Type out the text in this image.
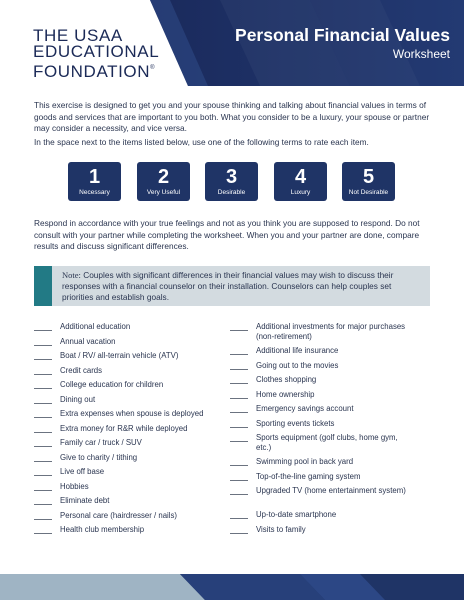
THE USAA
EDUCATIONAL
FOUNDATION®
Personal Financial Values
Worksheet
This exercise is designed to get you and your spouse thinking and talking about financial values in terms of goods and services that are important to you both. What you consider to be a luxury, your spouse or partner may consider a necessity, and vice versa.
In the space next to the items listed below, use one of the following terms to rate each item.
1
Necessary
2
Very Useful
3
Desirable
4
Luxury
5
Not Desirable
Respond in accordance with your true feelings and not as you think you are supposed to respond. Do not consult with your partner while completing the worksheet. When you and your partner are done, compare results and discuss significant differences.
Note: Couples with significant differences in their financial values may wish to discuss their responses with a financial counselor on their installation. Counselors can help couples set priorities and establish goals.
Additional education
Annual vacation
Boat / RV/ all-terrain vehicle (ATV)
Credit cards
College education for children
Dining out
Extra expenses when spouse is deployed
Extra money for R&R while deployed
Family car / truck / SUV
Give to charity / tithing
Live off base
Hobbies
Eliminate debt
Personal care (hairdresser / nails)
Health club membership
Additional investments for major purchases (non-retirement)
Additional life insurance
Going out to the movies
Clothes shopping
Home ownership
Emergency savings account
Sporting events tickets
Sports equipment (golf clubs, home gym, etc.)
Swimming pool in back yard
Top-of-the-line gaming system
Upgraded TV (home entertainment system)
Up-to-date smartphone
Visits to family
